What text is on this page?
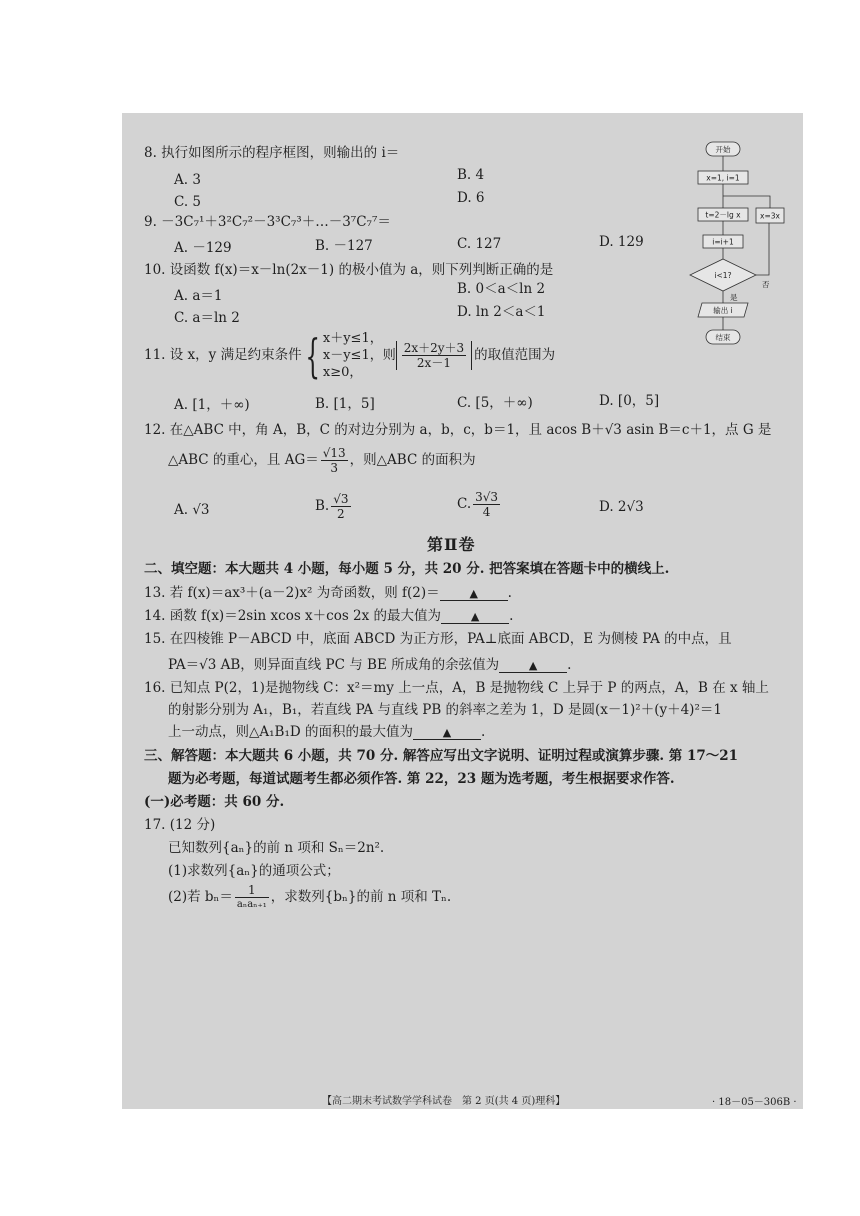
8. 执行如图所示的程序框图，则输出的 i＝
A. 3	B. 4
C. 5	D. 6
开始
x=1, i=1
t=2－lg x
i=i+1
i<1?
否
x=3x
是
输出 i
结束
9. －3C₇¹＋3²C₇²－3³C₇³＋…－3⁷C₇⁷＝
A. －129	B. －127	C. 127	D. 129
10. 设函数 f(x)＝x－ln(2x－1) 的极小值为 a，则下列判断正确的是
A. a＝1	B. 0＜a＜ln 2
C. a＝ln 2	D. ln 2＜a＜1
11. 设 x，y 满足约束条件{ x＋y≤1，
x－y≤1，则
x≥0，
$\frac{2x+2y+3}{2x-1}$ 的取值范围为
A. [1，＋∞)	B. [1，5]	C. [5，＋∞)	D. [0，5]
12. 在△ABC 中，角 A，B，C 的对边分别为 a，b，c，b＝1，且 acos B＋√3 asin B＝c＋1，点 G 是
△ABC 的重心，且 $AG= \frac{√13}{3}$ ，则△ABC 的面积为
A. √3	B. $\frac{√3}{2}$	C. $\frac{3√3}{4}$	D. 2√3
第Ⅱ卷
二、填空题：本大题共 4 小题，每小题 5 分，共 20 分. 把答案填在答题卡中的横线上.
13. 若 f(x)＝ax³＋(a－2)x² 为奇函数，则 f(2)＝	▲ .
14. 函数 f(x)＝2sin xcos x＋cos 2x 的最大值为	▲ .
15. 在四棱锥 P－ABCD 中，底面 ABCD 为正方形，PA⊥底面 ABCD，E 为侧棱 PA 的中点，且
PA＝√3 AB，则异面直线 PC 与 BE 所成角的余弦值为	▲ .
16. 已知点 P(2，1)是抛物线 C：x²＝my 上一点，A，B 是抛物线 C 上异于 P 的两点，A，B 在 x 轴上
的射影分别为 A₁，B₁，若直线 PA 与直线 PB 的斜率之差为 1，D 是圆(x－1)²＋(y＋4)²＝1
上一动点，则△A₁B₁D 的面积的最大值为	▲ .
三、解答题：本大题共 6 小题，共 70 分. 解答应写出文字说明、证明过程或演算步骤. 第 17～21
题为必考题，每道试题考生都必须作答. 第 22，23 题为选考题，考生根据要求作答.
(一)必考题：共 60 分.
17. (12 分)
已知数列{aₙ}的前 n 项和 Sₙ＝2n².
(1)求数列{aₙ}的通项公式；
(2)若 $b_n= \frac{1}{\text{aₙaₙ₊₁}}$ ，求数列{bₙ}的前 n 项和 Tₙ.
【高二期末考试数学学科试卷　第 2 页(共 4 页)理科】	· 18－05－306B ·
